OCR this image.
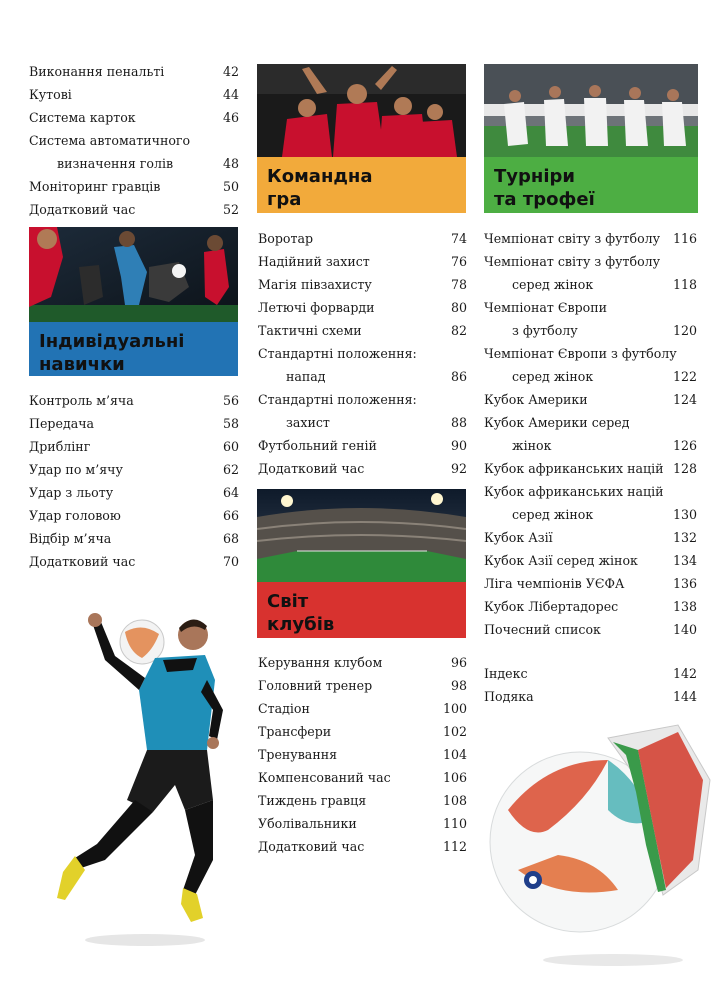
Виконання пенальті	42
Кутові	44
Система карток	46
Система автоматичного
визначення голів	48
Моніторинг гравців	50
Додатковий час	52
Індивідуальні
навички
Контроль м’яча	56
Передача	58
Дриблінг	60
Удар по м’ячу	62
Удар з льоту	64
Удар головою	66
Відбір м’яча	68
Додатковий час	70
Командна
гра
Воротар	74
Надійний захист	76
Магія півзахисту	78
Летючі форварди	80
Тактичні схеми	82
Стандартні положення:
напад	86
Стандартні положення:
захист	88
Футбольний геній	90
Додатковий час	92
Світ
клубів
Керування клубом	96
Головний тренер	98
Стадіон	100
Трансфери	102
Тренування	104
Компенсований час	106
Тиждень гравця	108
Уболівальники	110
Додатковий час	112
Турніри
та трофеї
Чемпіонат світу з футболу 116
Чемпіонат світу з футболу
серед жінок	118
Чемпіонат Європи
з футболу	120
Чемпіонат Європи з футболу
серед жінок	122
Кубок Америки	124
Кубок Америки серед
жінок	126
Кубок африканських націй 128
Кубок африканських націй
серед жінок	130
Кубок Азії	132
Кубок Азії серед жінок	134
Ліга чемпіонів УЄФА	136
Кубок Лібертадорес	138
Почесний список	140
Індекс	142
Подяка	144
